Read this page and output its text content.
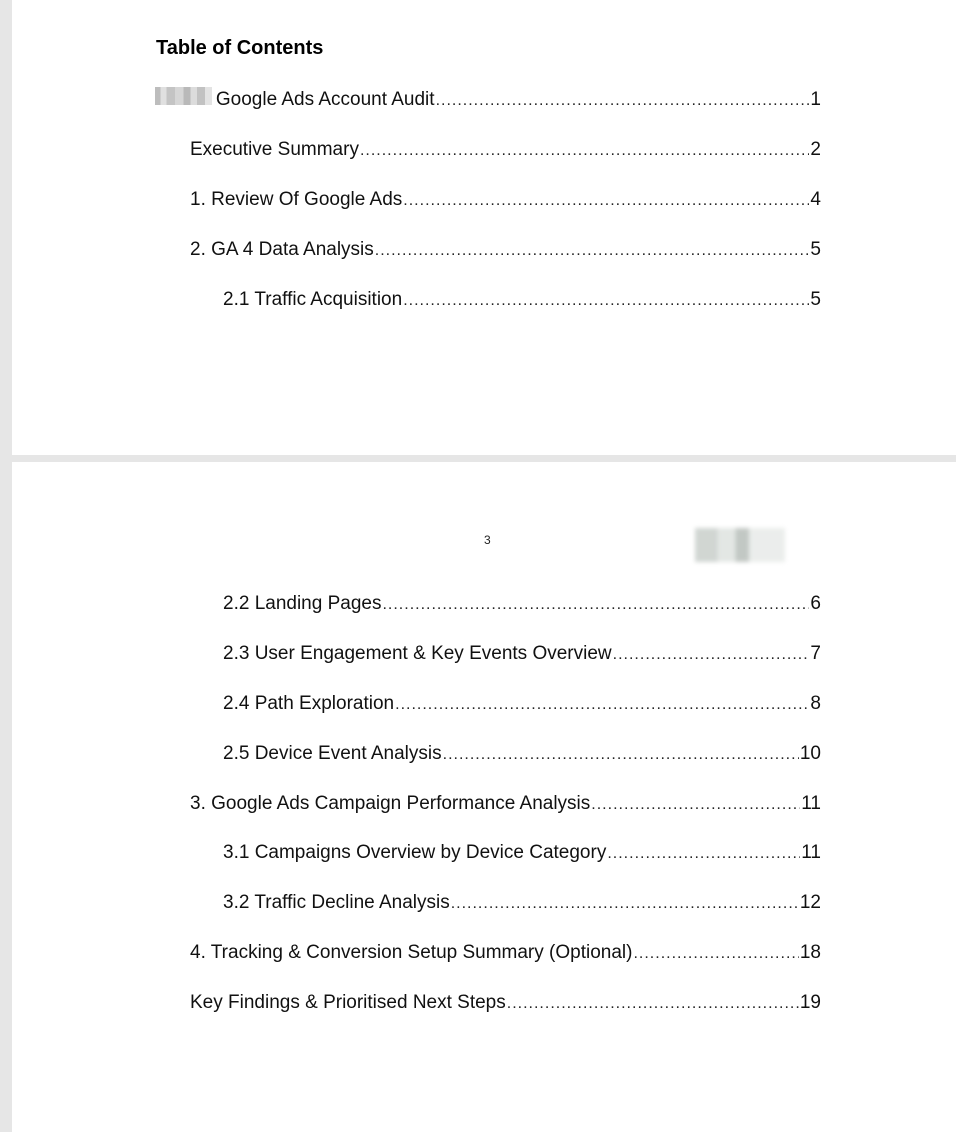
Table of Contents
Google Ads Account Audit .....	1
Executive Summary .....	2
1. Review Of Google Ads .....	4
2. GA 4 Data Analysis .....	5
2.1 Traffic Acquisition .....	5
3
2.2 Landing Pages .....	6
2.3 User Engagement & Key Events Overview .....	7
2.4 Path Exploration .....	8
2.5 Device Event Analysis .....	10
3. Google Ads Campaign Performance Analysis .....	11
3.1 Campaigns Overview by Device Category .....	11
3.2 Traffic Decline Analysis .....	12
4. Tracking & Conversion Setup Summary (Optional) .....	18
Key Findings & Prioritised Next Steps .....	19
